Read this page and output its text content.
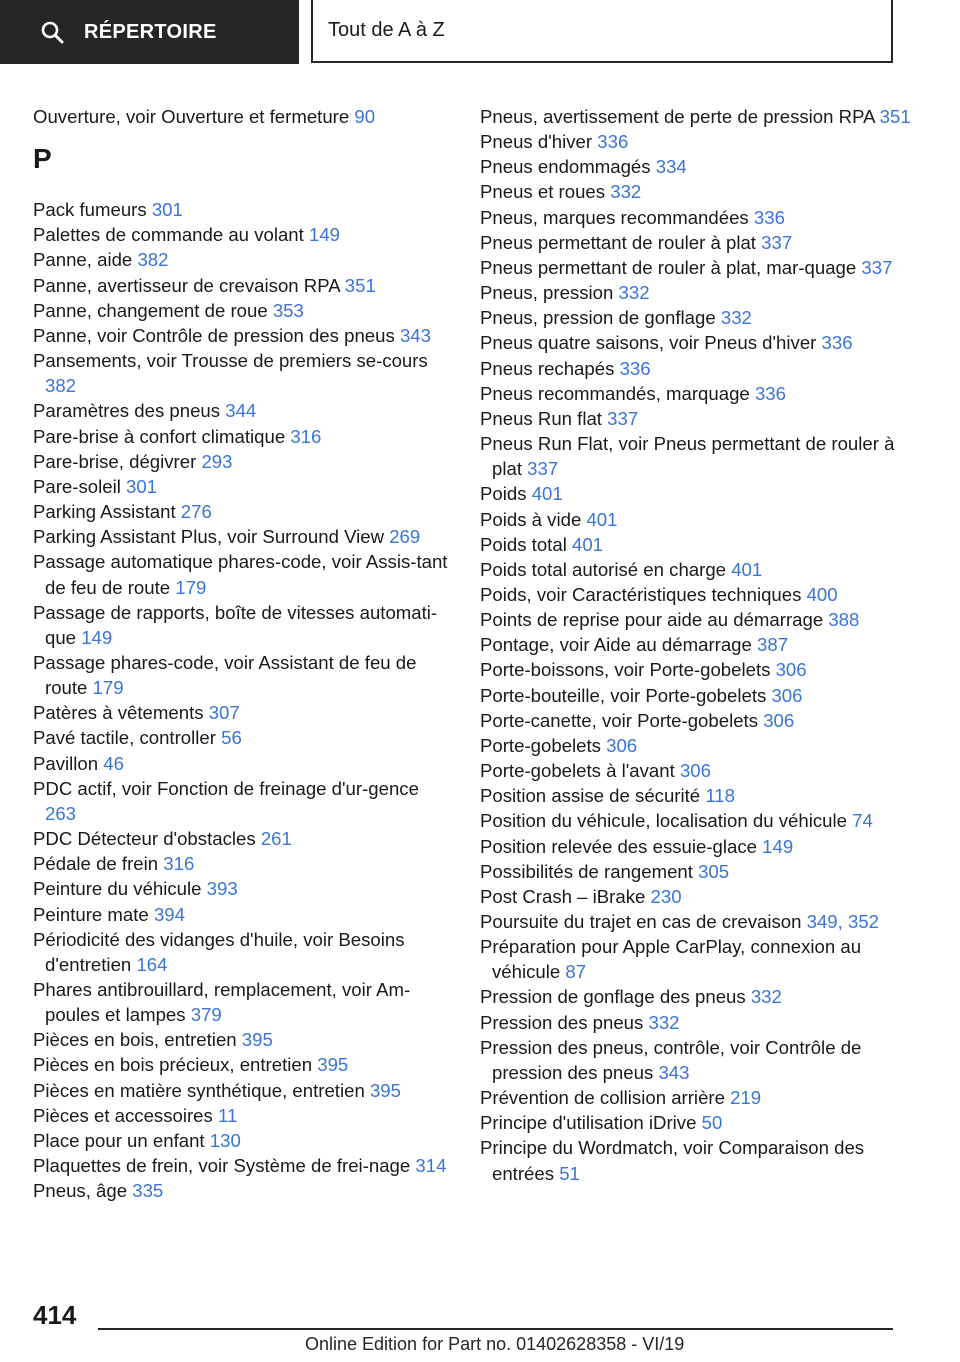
RÉPERTOIRE	Tout de A à Z
Ouverture, voir Ouverture et fermeture 90
P
Pack fumeurs 301
Palettes de commande au volant 149
Panne, aide 382
Panne, avertisseur de crevaison RPA 351
Panne, changement de roue 353
Panne, voir Contrôle de pression des pneus 343
Pansements, voir Trousse de premiers se-cours 382
Paramètres des pneus 344
Pare-brise à confort climatique 316
Pare-brise, dégivrer 293
Pare-soleil 301
Parking Assistant 276
Parking Assistant Plus, voir Surround View 269
Passage automatique phares-code, voir Assis-tant de feu de route 179
Passage de rapports, boîte de vitesses automati-que 149
Passage phares-code, voir Assistant de feu de route 179
Patères à vêtements 307
Pavé tactile, controller 56
Pavillon 46
PDC actif, voir Fonction de freinage d'ur-gence 263
PDC Détecteur d'obstacles 261
Pédale de frein 316
Peinture du véhicule 393
Peinture mate 394
Périodicité des vidanges d'huile, voir Besoins d'entretien 164
Phares antibrouillard, remplacement, voir Am-poules et lampes 379
Pièces en bois, entretien 395
Pièces en bois précieux, entretien 395
Pièces en matière synthétique, entretien 395
Pièces et accessoires 11
Place pour un enfant 130
Plaquettes de frein, voir Système de frei-nage 314
Pneus, âge 335
Pneus, avertissement de perte de pression RPA 351
Pneus d'hiver 336
Pneus endommagés 334
Pneus et roues 332
Pneus, marques recommandées 336
Pneus permettant de rouler à plat 337
Pneus permettant de rouler à plat, mar-quage 337
Pneus, pression 332
Pneus, pression de gonflage 332
Pneus quatre saisons, voir Pneus d'hiver 336
Pneus rechapés 336
Pneus recommandés, marquage 336
Pneus Run flat 337
Pneus Run Flat, voir Pneus permettant de rouler à plat 337
Poids 401
Poids à vide 401
Poids total 401
Poids total autorisé en charge 401
Poids, voir Caractéristiques techniques 400
Points de reprise pour aide au démarrage 388
Pontage, voir Aide au démarrage 387
Porte-boissons, voir Porte-gobelets 306
Porte-bouteille, voir Porte-gobelets 306
Porte-canette, voir Porte-gobelets 306
Porte-gobelets 306
Porte-gobelets à l'avant 306
Position assise de sécurité 118
Position du véhicule, localisation du véhicule 74
Position relevée des essuie-glace 149
Possibilités de rangement 305
Post Crash – iBrake 230
Poursuite du trajet en cas de crevaison 349, 352
Préparation pour Apple CarPlay, connexion au véhicule 87
Pression de gonflage des pneus 332
Pression des pneus 332
Pression des pneus, contrôle, voir Contrôle de pression des pneus 343
Prévention de collision arrière 219
Principe d'utilisation iDrive 50
Principe du Wordmatch, voir Comparaison des entrées 51
414
Online Edition for Part no. 01402628358 - VI/19
